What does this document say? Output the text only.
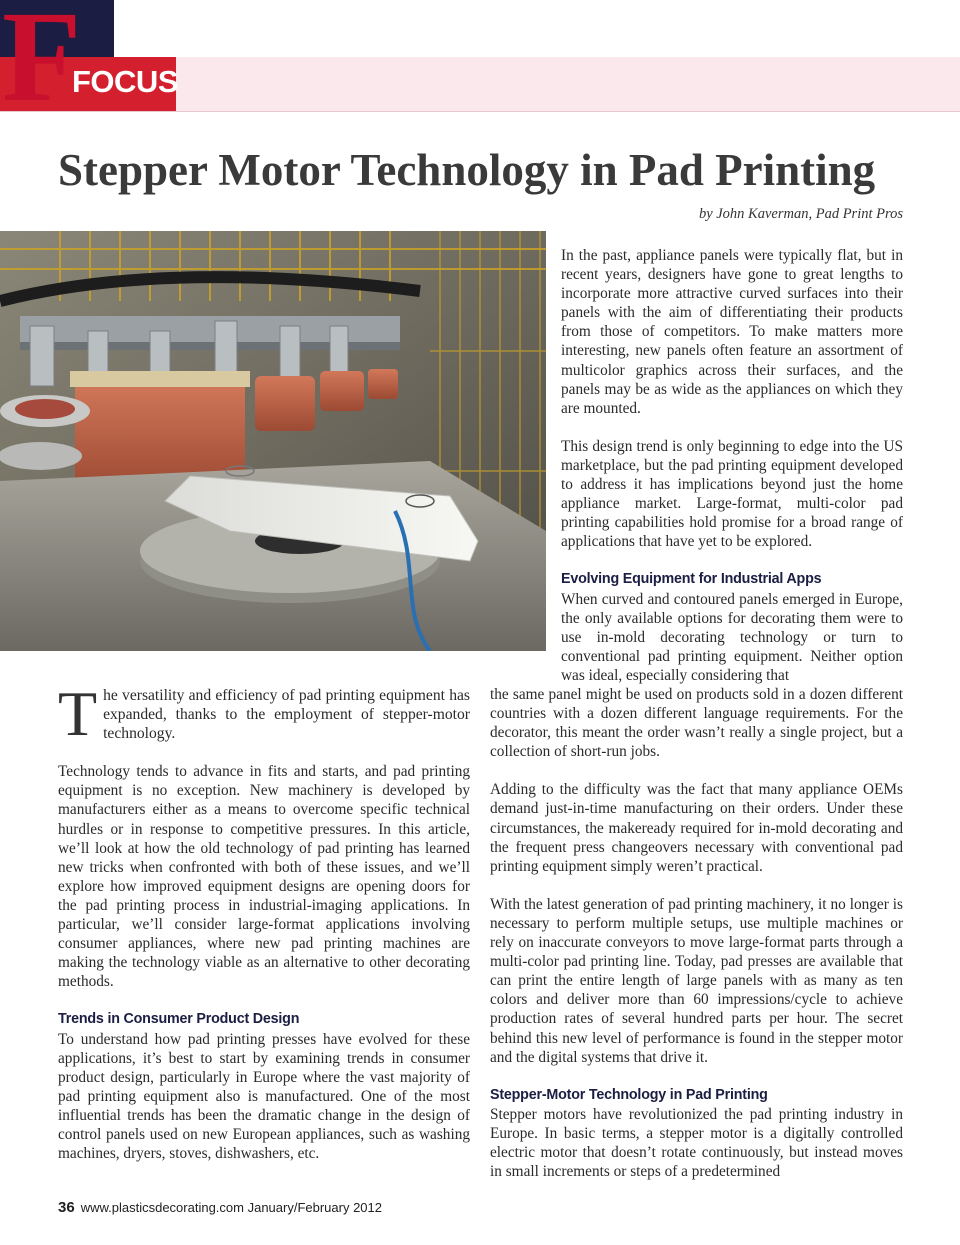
F
FOCUS
Stepper Motor Technology in Pad Printing

by John Kaverman, Pad Print Pros

The versatility and efficiency of pad printing equipment has expanded, thanks to the employment of stepper-motor technology.

Technology tends to advance in fits and starts, and pad printing equipment is no exception. New machinery is developed by manufacturers either as a means to overcome specific technical hurdles or in response to competitive pressures. In this article, we’ll look at how the old technology of pad printing has learned new tricks when confronted with both of these issues, and we’ll explore how improved equipment designs are opening doors for the pad printing process in industrial-imaging applications. In particular, we’ll consider large-format applications involving consumer appliances, where new pad printing machines are making the technology viable as an alternative to other decorating methods.

Trends in Consumer Product Design

To understand how pad printing presses have evolved for these applications, it’s best to start by examining trends in consumer product design, particularly in Europe where the vast majority of pad printing equipment also is manufactured. One of the most influential trends has been the dramatic change in the design of control panels used on new European appliances, such as washing machines, dryers, stoves, dishwashers, etc.

In the past, appliance panels were typically flat, but in recent years, designers have gone to great lengths to incorporate more attractive curved surfaces into their panels with the aim of differentiating their products from those of competitors. To make matters more interesting, new panels often feature an assortment of multicolor graphics across their surfaces, and the panels may be as wide as the appliances on which they are mounted.

This design trend is only beginning to edge into the US marketplace, but the pad printing equipment developed to address it has implications beyond just the home appliance market. Large-format, multi-color pad printing capabilities hold promise for a broad range of applications that have yet to be explored.

Evolving Equipment for Industrial Apps

When curved and contoured panels emerged in Europe, the only available options for decorating them were to use in-mold decorating technology or turn to conventional pad printing equipment. Neither option was ideal, especially considering that

the same panel might be used on products sold in a dozen different countries with a dozen different language requirements. For the decorator, this meant the order wasn’t really a single project, but a collection of short-run jobs.

Adding to the difficulty was the fact that many appliance OEMs demand just-in-time manufacturing on their orders. Under these circumstances, the makeready required for in-mold decorating and the frequent press changeovers necessary with conventional pad printing equipment simply weren’t practical.

With the latest generation of pad printing machinery, it no longer is necessary to perform multiple setups, use multiple machines or rely on inaccurate conveyors to move large-format parts through a multi-color pad printing line. Today, pad presses are available that can print the entire length of large panels with as many as ten colors and deliver more than 60 impressions/cycle to achieve production rates of several hundred parts per hour. The secret behind this new level of performance is found in the stepper motor and the digital systems that drive it.

Stepper-Motor Technology in Pad Printing

Stepper motors have revolutionized the pad printing industry in Europe. In basic terms, a stepper motor is a digitally controlled electric motor that doesn’t rotate continuously, but instead moves in small increments or steps of a predetermined

36 www.plasticsdecorating.com January/February 2012
